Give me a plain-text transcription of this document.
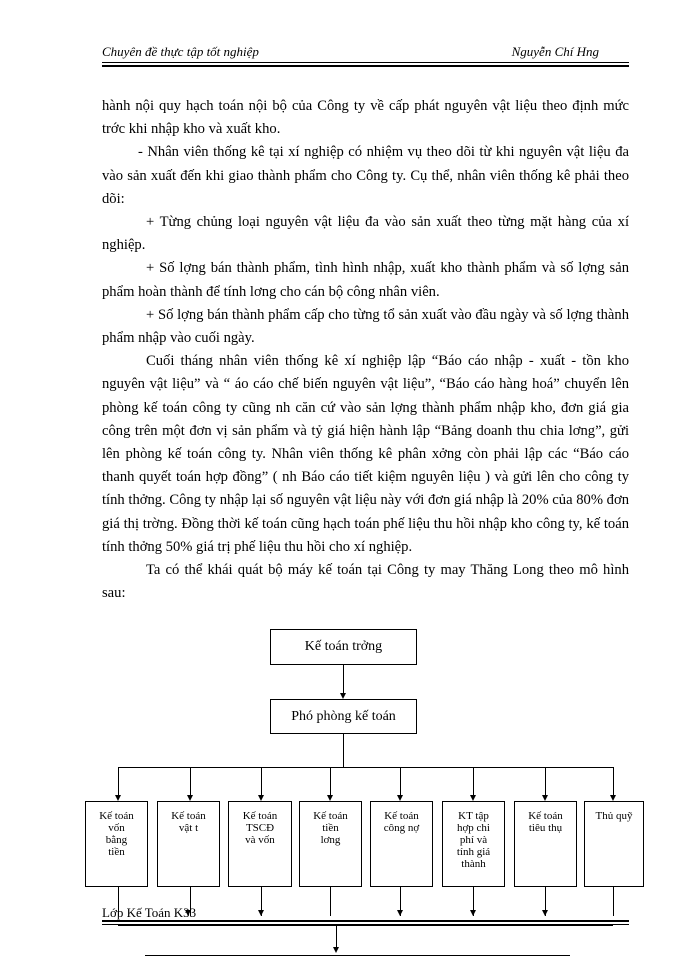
Chuyên đề thực tập tốt nghiệp	Nguyễn Chí Hng

hành nội quy hạch toán nội bộ của Công ty về cấp phát nguyên vật liệu theo định mức trớc khi nhập kho và xuất kho.

- Nhân viên thống kê tại xí nghiệp có nhiệm vụ theo dõi từ khi nguyên vật liệu đa vào sản xuất đến khi giao thành phẩm cho Công ty. Cụ thể, nhân viên thống kê phải theo dõi:

+ Từng chủng loại nguyên vật liệu đa vào sản xuất theo từng mặt hàng của xí nghiệp.

+ Số lợng bán thành phẩm, tình hình nhập, xuất kho thành phẩm và số lợng sản phẩm hoàn thành để tính lơng cho cán bộ công nhân viên.

+ Số lợng bán thành phẩm cấp cho từng tổ sản xuất vào đầu ngày và số lợng thành phẩm nhập vào cuối ngày.

Cuối tháng nhân viên thống kê xí nghiệp lập “Báo cáo nhập - xuất - tồn kho nguyên vật liệu” và “ áo cáo chế biến nguyên vật liệu”, “Báo cáo hàng hoá” chuyển lên phòng kế toán công ty cũng nh căn cứ vào sản lợng thành phẩm nhập kho, đơn giá gia công trên một đơn vị sản phẩm và tỷ giá hiện hành lập “Bảng doanh thu chia lơng”, gửi lên phòng kế toán công ty. Nhân viên thống kê phân xởng còn phải lập các “Báo cáo thanh quyết toán hợp đồng” ( nh Báo cáo tiết kiệm nguyên liệu ) và gửi lên cho công ty tính thởng. Công ty nhập lại số nguyên vật liệu này với đơn giá nhập là 20% của 80% đơn giá thị trờng. Đồng thời kế toán cũng hạch toán phế liệu thu hồi nhập kho công ty, kế toán tính thởng 50% giá trị phế liệu thu hồi cho xí nghiệp.

Ta có thể khái quát bộ máy kế toán tại Công ty may Thăng Long theo mô hình sau:

Kế toán trởng
Phó phòng kế toán
Kế toán
vốn
bằng
tiền
Kế toán
vật t
Kế toán
TSCĐ
và vốn
Kế toán
tiền
lơng
Kế toán
công nợ
KT tập
hợp chi
phí và
tính giá
thành
Kế toán
tiêu thụ
Thủ quỹ
Lớp Kế Toán K33
